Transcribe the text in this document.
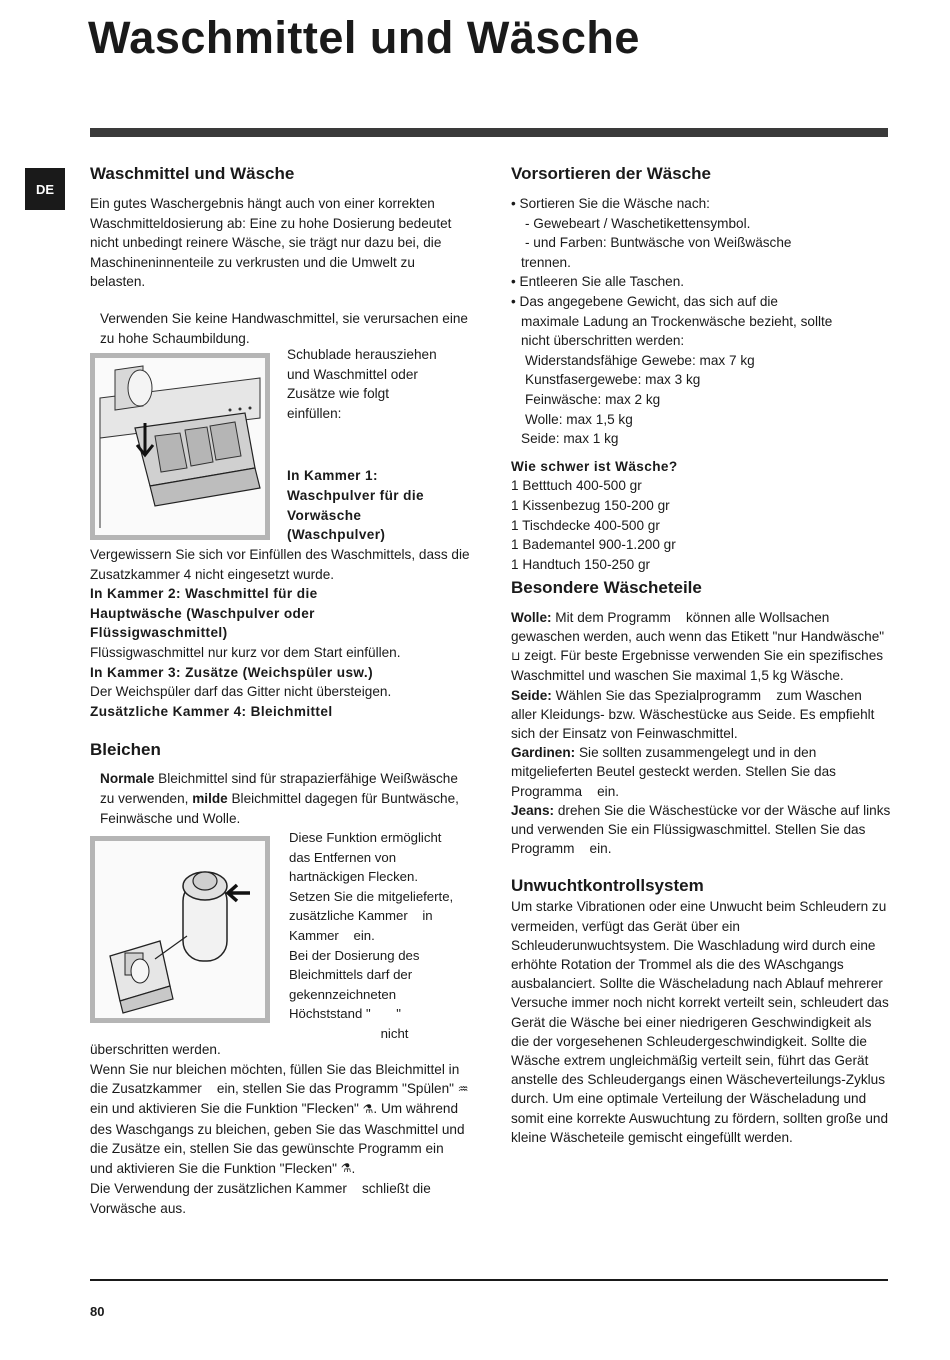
Waschmittel und Wäsche
DE
Waschmittel und Wäsche

Ein gutes Waschergebnis hängt auch von einer korrekten Waschmitteldosierung ab: Eine zu hohe Dosierung bedeutet nicht unbedingt reinere Wäsche, sie trägt nur dazu bei, die Maschineninnenteile zu verkrusten und die Umwelt zu belasten.

Verwenden Sie keine Handwaschmittel, sie verursachen eine zu hohe Schaumbildung.

Schublade herausziehen

und Waschmittel oder

Zusätze wie folgt

einfüllen:

In Kammer 1:

Waschpulver für die

Vorwäsche

(Waschpulver)

Vergewissern Sie sich vor Einfüllen des Waschmittels, dass die Zusatzkammer 4 nicht eingesetzt wurde.

In Kammer 2: Waschmittel für die

Hauptwäsche (Waschpulver oder

Flüssigwaschmittel)

Flüssigwaschmittel nur kurz vor dem Start einfüllen.

In Kammer 3: Zusätze (Weichspüler usw.)

Der Weichspüler darf das Gitter nicht übersteigen.

Zusätzliche Kammer 4: Bleichmittel

Bleichen

Normale Bleichmittel sind für strapazierfähige Weißwäsche zu verwenden, milde Bleichmittel dagegen für Buntwäsche, Feinwäsche und Wolle.

Diese Funktion ermöglicht

das Entfernen von

hartnäckigen Flecken.

Setzen Sie die mitgelieferte,

zusätzliche Kammer    in

Kammer    ein.

Bei der Dosierung des

Bleichmittels darf der

gekennzeichneten

Höchststand "       "

nicht

überschritten werden.

Wenn Sie nur bleichen möchten, füllen Sie das Bleichmittel in die Zusatzkammer    ein, stellen Sie das Programm "Spülen" ♒ ein und aktivieren Sie die Funktion "Flecken" ⚗. Um während des Waschgangs zu bleichen, geben Sie das Waschmittel und die Zusätze ein, stellen Sie das gewünschte Programm ein und aktivieren Sie die Funktion "Flecken" ⚗.

Die Verwendung der zusätzlichen Kammer    schließt die Vorwäsche aus.

Vorsortieren der Wäsche

• Sortieren Sie die Wäsche nach:

- Gewebeart / Waschetikettensymbol.

- und Farben: Buntwäsche von Weißwäsche

trennen.

• Entleeren Sie alle Taschen.

• Das angegebene Gewicht, das sich auf die

maximale Ladung an Trockenwäsche bezieht, sollte

nicht überschritten werden:

Widerstandsfähige Gewebe: max 7 kg

Kunstfasergewebe: max 3 kg

Feinwäsche: max 2 kg

Wolle: max 1,5 kg

Seide: max 1 kg

Wie schwer ist Wäsche?

1 Betttuch 400-500 gr

1 Kissenbezug 150-200 gr

1 Tischdecke 400-500 gr

1 Bademantel 900-1.200 gr

1 Handtuch 150-250 gr

Besondere Wäscheteile

Wolle: Mit dem Programm    können alle Wollsachen gewaschen werden, auch wenn das Etikett "nur Handwäsche" ⊔ zeigt. Für beste Ergebnisse verwenden Sie ein spezifisches Waschmittel und waschen Sie maximal 1,5 kg Wäsche.

Seide: Wählen Sie das Spezialprogramm    zum Waschen aller Kleidungs- bzw. Wäschestücke aus Seide. Es empfiehlt sich der Einsatz von Feinwaschmittel.

Gardinen: Sie sollten zusammengelegt und in den mitgelieferten Beutel gesteckt werden. Stellen Sie das Programma    ein.

Jeans: drehen Sie die Wäschestücke vor der Wäsche auf links und verwenden Sie ein Flüssigwaschmittel. Stellen Sie das Programm    ein.

Unwuchtkontrollsystem

Um starke Vibrationen oder eine Unwucht beim Schleudern zu vermeiden, verfügt das Gerät über ein Schleuderunwuchtsystem. Die Waschladung wird durch eine erhöhte Rotation der Trommel als die des WAschgangs ausbalanciert. Sollte die Wäscheladung nach Ablauf mehrerer Versuche immer noch nicht korrekt verteilt sein, schleudert das Gerät die Wäsche bei einer niedrigeren Geschwindigkeit als die der vorgesehenen Schleudergeschwindigkeit. Sollte die Wäsche extrem ungleichmäßig verteilt sein, führt das Gerät anstelle des Schleudergangs einen Wäscheverteilungs-Zyklus durch. Um eine optimale Verteilung der Wäscheladung und somit eine korrekte Auswuchtung zu fördern, sollten große und kleine Wäscheteile gemischt eingefüllt werden.

80
